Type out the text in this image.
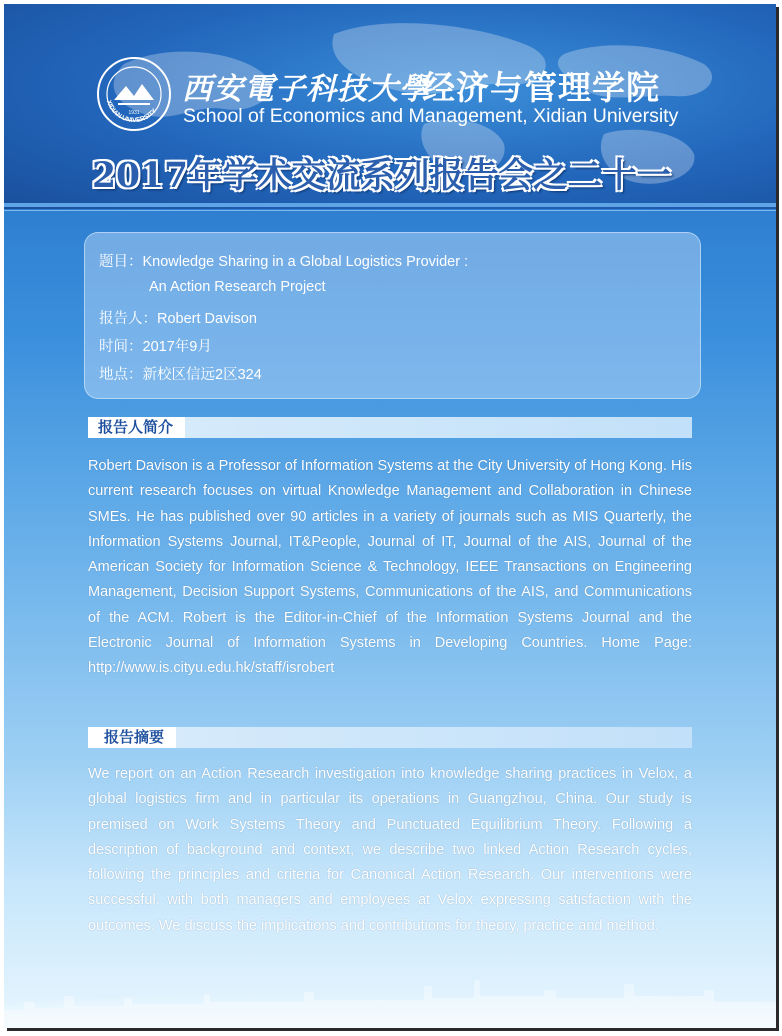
XIDIAN UNIVERSITY
1931
西安電子科技大學
经济与管理学院
School of Economics and Management, Xidian University
2017年学术交流系列报告会之二十一
题目：Knowledge Sharing in a Global Logistics Provider :
An Action Research Project
报告人：Robert Davison
时间：2017年9月
地点：新校区信远2区324
报告人简介
Robert Davison is a Professor of Information Systems at the City University of Hong Kong. His current research focuses on virtual Knowledge Management and Collaboration in Chinese SMEs. He has published over 90 articles in a variety of journals such as MIS Quarterly, the Information Systems Journal, IT&People, Journal of IT, Journal of the AIS, Journal of the American Society for Information Science & Technology, IEEE Transactions on Engineering Management, Decision Support Systems, Communications of the AIS, and Communications of the ACM. Robert is the Editor-in-Chief of the Information Systems Journal and the Electronic Journal of Information Systems in Developing Countries. Home Page: http://www.is.cityu.edu.hk/staff/isrobert
报告摘要
We report on an Action Research investigation into knowledge sharing practices in Velox, a global logistics firm and in particular its operations in Guangzhou, China. Our study is premised on Work Systems Theory and Punctuated Equilibrium Theory. Following a description of background and context, we describe two linked Action Research cycles, following the principles and criteria for Canonical Action Research. Our interventions were successful, with both managers and employees at Velox expressing satisfaction with the outcomes. We discuss the implications and contributions for theory, practice and method.
